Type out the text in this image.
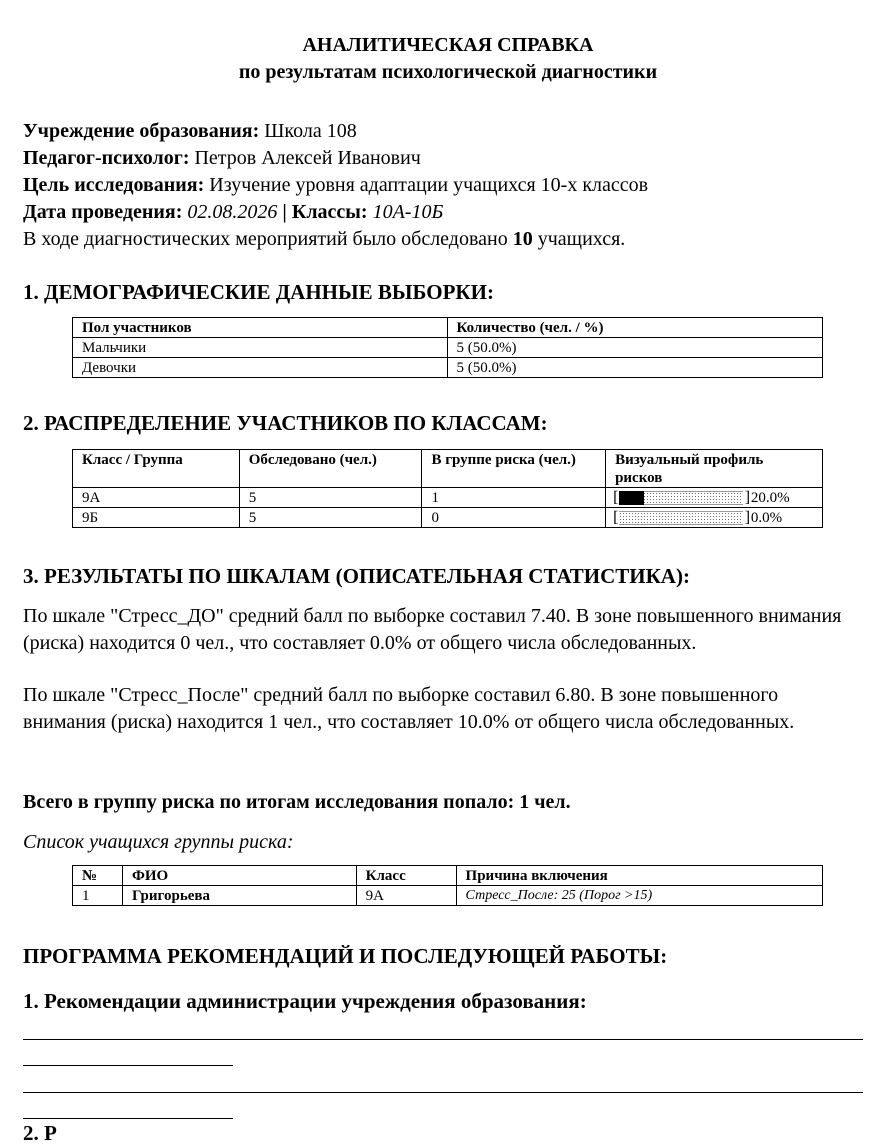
АНАЛИТИЧЕСКАЯ СПРАВКА
по результатам психологической диагностики
Учреждение образования: Школа 108
Педагог-психолог: Петров Алексей Иванович
Цель исследования: Изучение уровня адаптации учащихся 10-х классов
Дата проведения: 02.08.2026 | Классы: 10А-10Б
В ходе диагностических мероприятий было обследовано 10 учащихся.
1. ДЕМОГРАФИЧЕСКИЕ ДАННЫЕ ВЫБОРКИ:
Пол участников	Количество (чел. / %)
Мальчики	5 (50.0%)
Девочки	5 (50.0%)
2. РАСПРЕДЕЛЕНИЕ УЧАСТНИКОВ ПО КЛАССАМ:
Класс / Группа	Обследовано (чел.)	В группе риска (чел.)	Визуальный профиль рисков
9А	5	1	[ ] 20.0%
9Б	5	0	[ ] 0.0%
3. РЕЗУЛЬТАТЫ ПО ШКАЛАМ (ОПИСАТЕЛЬНАЯ СТАТИСТИКА):
По шкале "Стресс_ДО" средний балл по выборке составил 7.40. В зоне повышенного внимания (риска) находится 0 чел., что составляет 0.0% от общего числа обследованных.
По шкале "Стресс_После" средний балл по выборке составил 6.80. В зоне повышенного внимания (риска) находится 1 чел., что составляет 10.0% от общего числа обследованных.
Всего в группу риска по итогам исследования попало: 1 чел.
Список учащихся группы риска:
№	ФИО	Класс	Причина включения
1	Григорьева	9А	Стресс_После: 25 (Порог >15)
ПРОГРАММА РЕКОМЕНДАЦИЙ И ПОСЛЕДУЮЩЕЙ РАБОТЫ:
1. Рекомендации администрации учреждения образования:
2. Р
